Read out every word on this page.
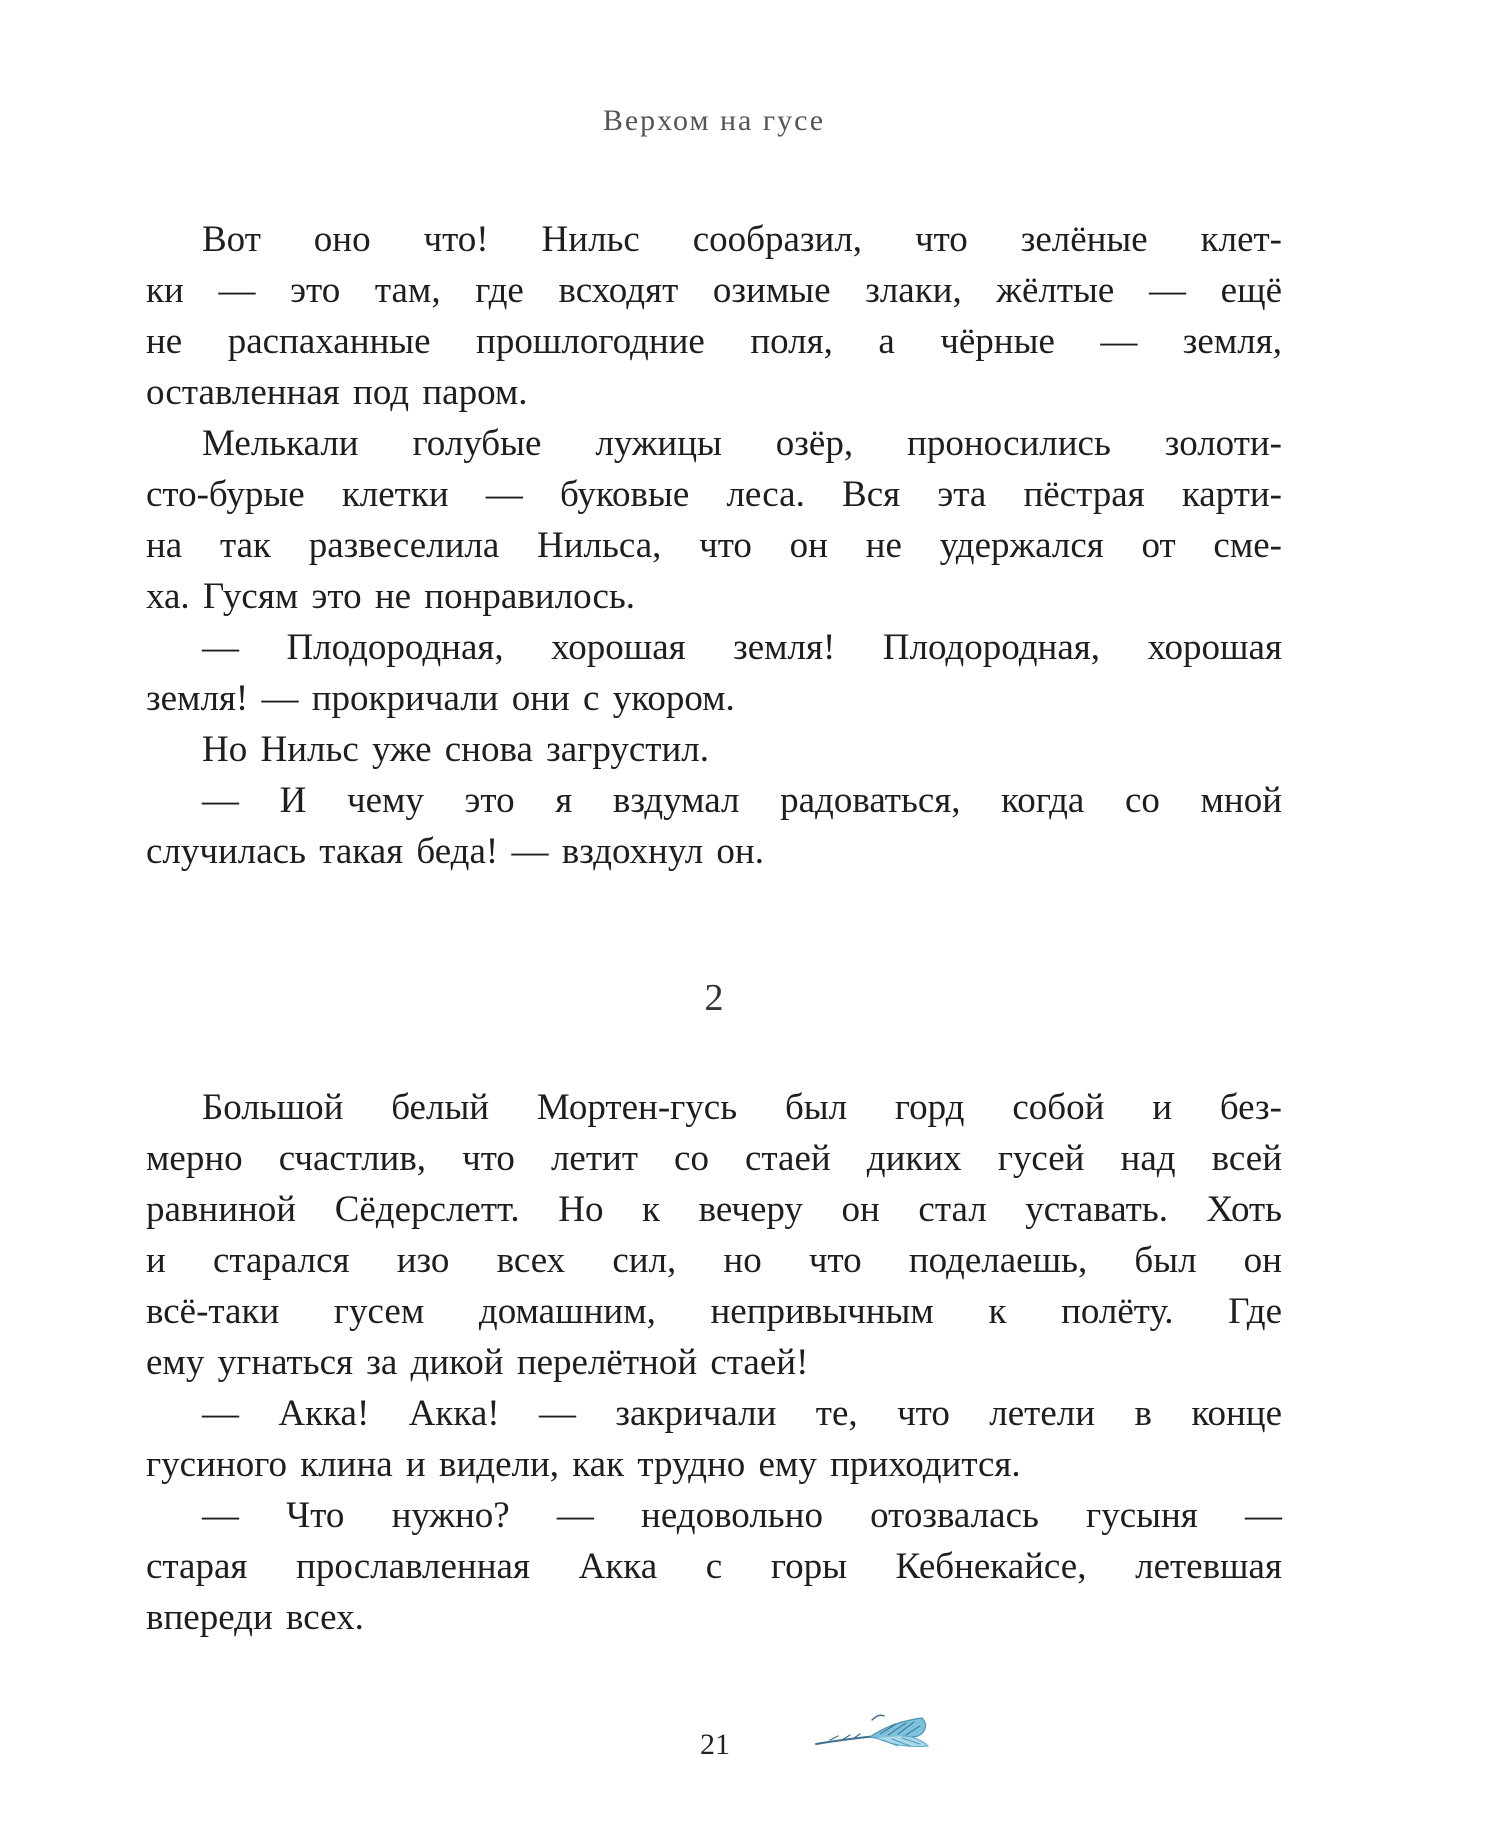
Верхом на гусе
Вот оно что! Нильс сообразил, что зелёные клет-
ки — это там, где всходят озимые злаки, жёлтые — ещё
не распаханные прошлогодние поля, а чёрные — земля,
оставленная под паром.
Мелькали голубые лужицы озёр, проносились золоти-
сто-бурые клетки — буковые леса. Вся эта пёстрая карти-
на так развеселила Нильса, что он не удержался от сме-
ха. Гусям это не понравилось.
— Плодородная, хорошая земля! Плодородная, хорошая
земля! — прокричали они с укором.
Но Нильс уже снова загрустил.
— И чему это я вздумал радоваться, когда со мной
случилась такая беда! — вздохнул он.
2
Большой белый Мортен-гусь был горд собой и без-
мерно счастлив, что летит со стаей диких гусей над всей
равниной Сёдерслетт. Но к вечеру он стал уставать. Хоть
и старался изо всех сил, но что поделаешь, был он
всё-таки гусем домашним, непривычным к полёту. Где
ему угнаться за дикой перелётной стаей!
— Акка! Акка! — закричали те, что летели в конце
гусиного клина и видели, как трудно ему приходится.
— Что нужно? — недовольно отозвалась гусыня —
старая прославленная Акка с горы Кебнекайсе, летевшая
впереди всех.
21
